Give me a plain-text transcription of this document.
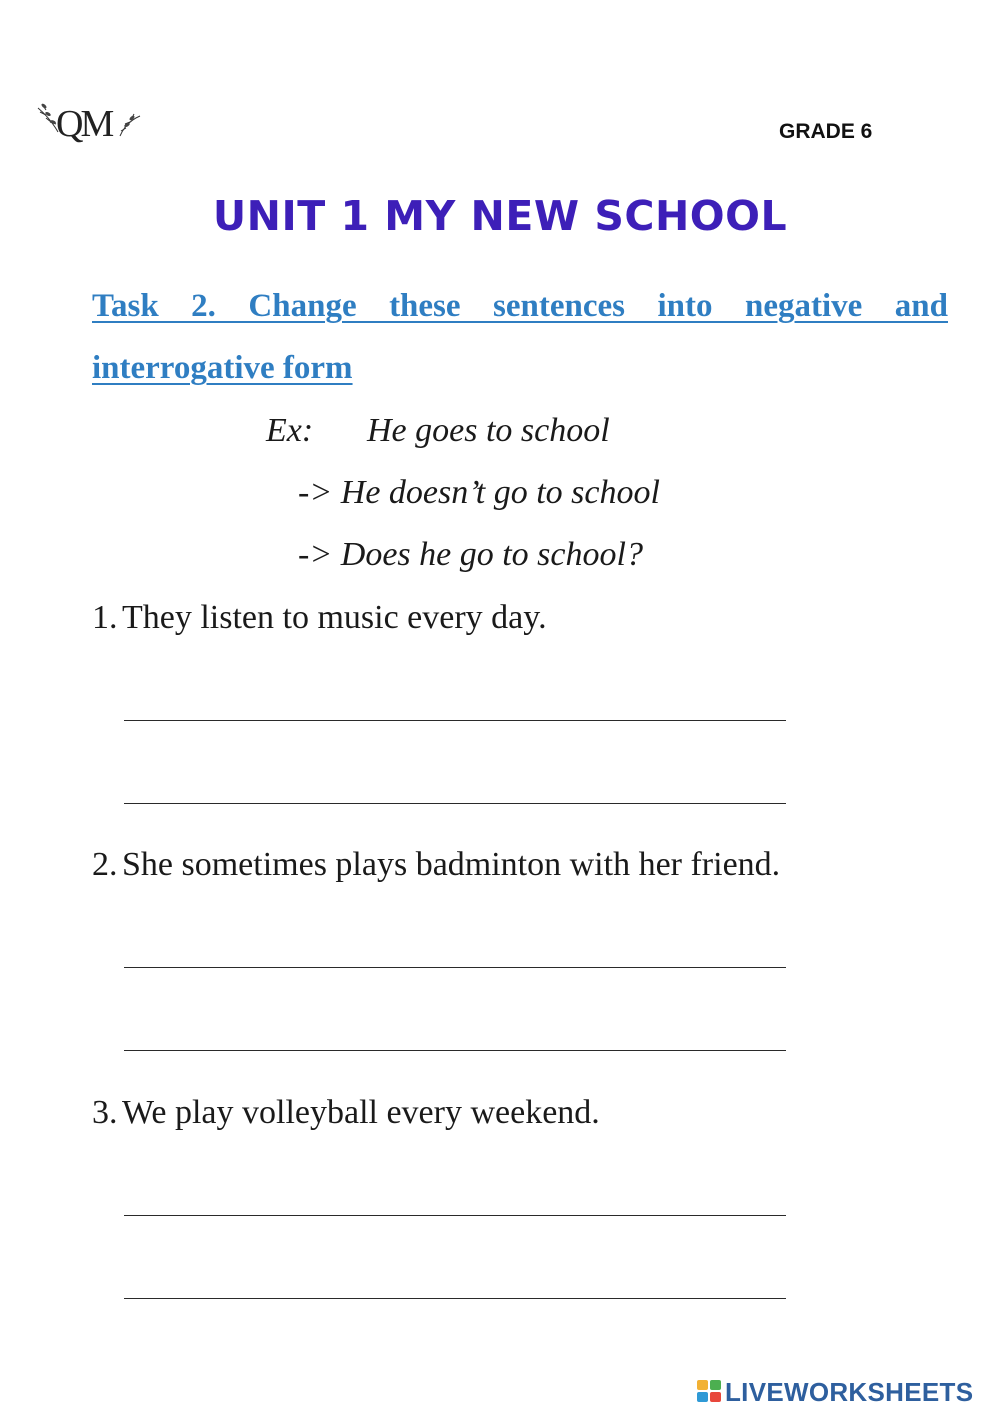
QM	GRADE 6
UNIT 1 MY NEW SCHOOL
Task 2. Change these sentences into negative and
interrogative form
Ex: He goes to school
-> He doesn’t go to school
-> Does he go to school?
1. They listen to music every day.
2. She sometimes plays badminton with her friend.
3. We play volleyball every weekend.
LIVEWORKSHEETS
